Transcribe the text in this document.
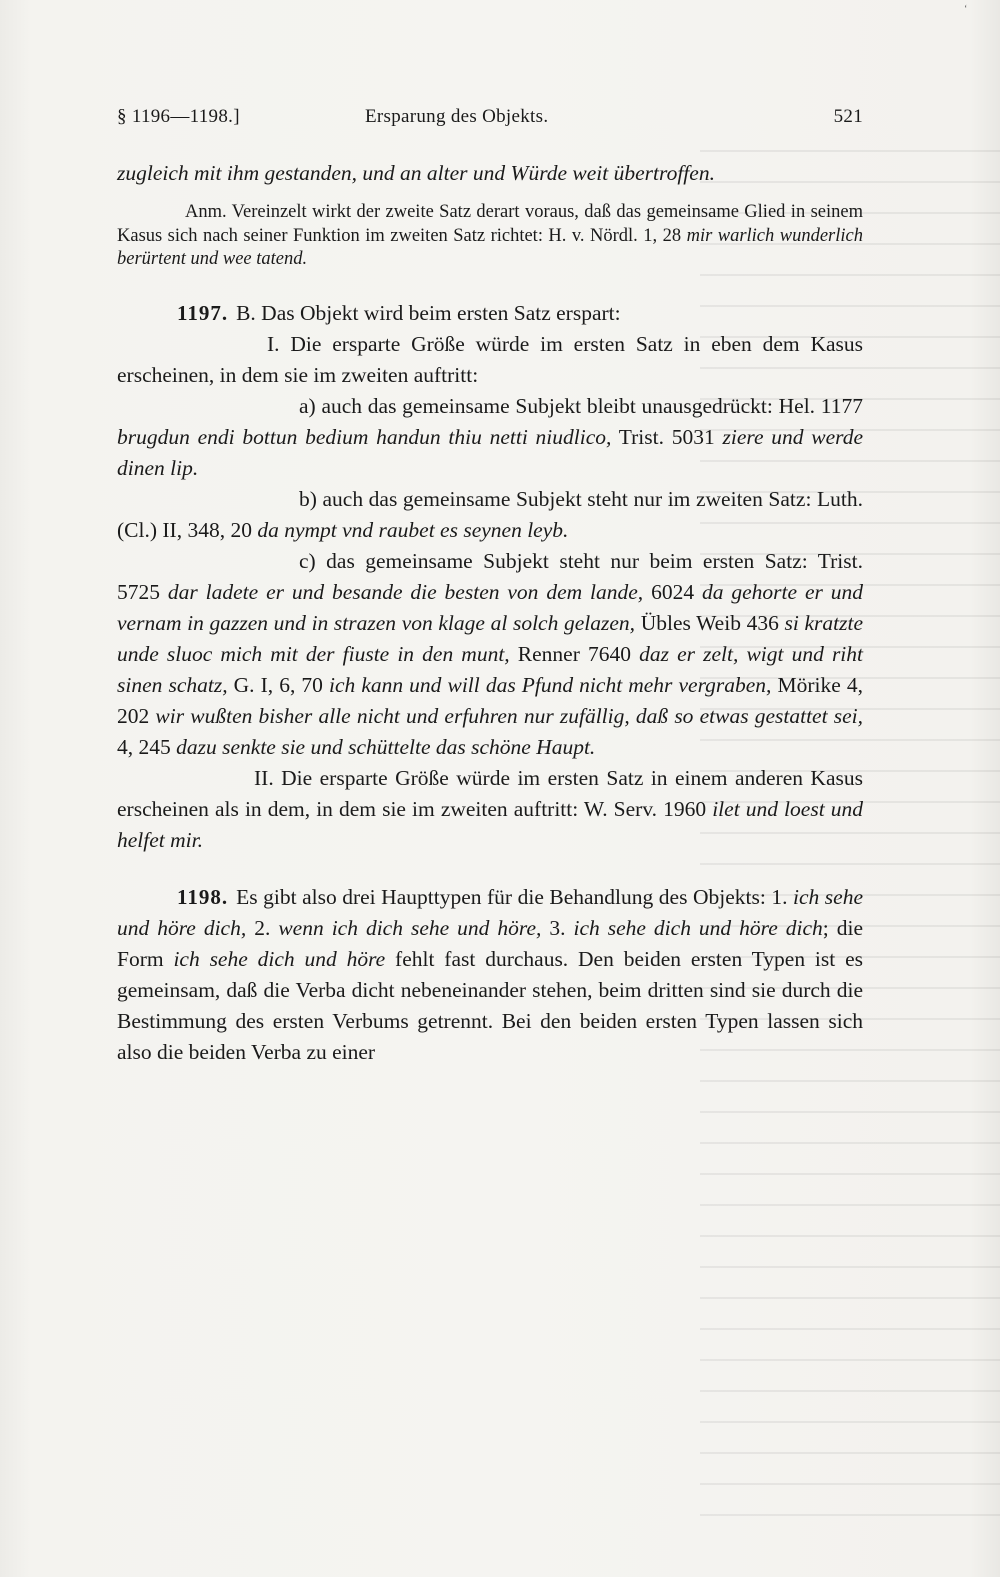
‘
§ 1196—1198.]	Ersparung des Objekts.	521

zugleich mit ihm gestanden, und an alter und Würde weit übertroffen.

Anm. Vereinzelt wirkt der zweite Satz derart voraus, daß das gemeinsame Glied in seinem Kasus sich nach seiner Funktion im zweiten Satz richtet: H. v. Nördl. 1, 28 mir warlich wunderlich berürtent und wee tatend.

1197. B. Das Objekt wird beim ersten Satz erspart:

I. Die ersparte Größe würde im ersten Satz in eben dem Kasus erscheinen, in dem sie im zweiten auftritt:

a) auch das gemeinsame Subjekt bleibt unausgedrückt: Hel. 1177 brugdun endi bottun bedium handun thiu netti niudlico, Trist. 5031 ziere und werde dinen lip.

b) auch das gemeinsame Subjekt steht nur im zweiten Satz: Luth. (Cl.) II, 348, 20 da nympt vnd raubet es seynen leyb.

c) das gemeinsame Subjekt steht nur beim ersten Satz: Trist. 5725 dar ladete er und besande die besten von dem lande, 6024 da gehorte er und vernam in gazzen und in strazen von klage al solch gelazen, Übles Weib 436 si kratzte unde sluoc mich mit der fiuste in den munt, Renner 7640 daz er zelt, wigt und riht sinen schatz, G. I, 6, 70 ich kann und will das Pfund nicht mehr vergraben, Mörike 4, 202 wir wußten bisher alle nicht und erfuhren nur zufällig, daß so etwas gestattet sei, 4, 245 dazu senkte sie und schüttelte das schöne Haupt.

II. Die ersparte Größe würde im ersten Satz in einem anderen Kasus erscheinen als in dem, in dem sie im zweiten auftritt: W. Serv. 1960 ilet und loest und helfet mir.

1198. Es gibt also drei Haupttypen für die Behandlung des Objekts: 1. ich sehe und höre dich, 2. wenn ich dich sehe und höre, 3. ich sehe dich und höre dich; die Form ich sehe dich und höre fehlt fast durchaus. Den beiden ersten Typen ist es gemeinsam, daß die Verba dicht nebeneinander stehen, beim dritten sind sie durch die Bestimmung des ersten Verbums getrennt. Bei den beiden ersten Typen lassen sich also die beiden Verba zu einer
